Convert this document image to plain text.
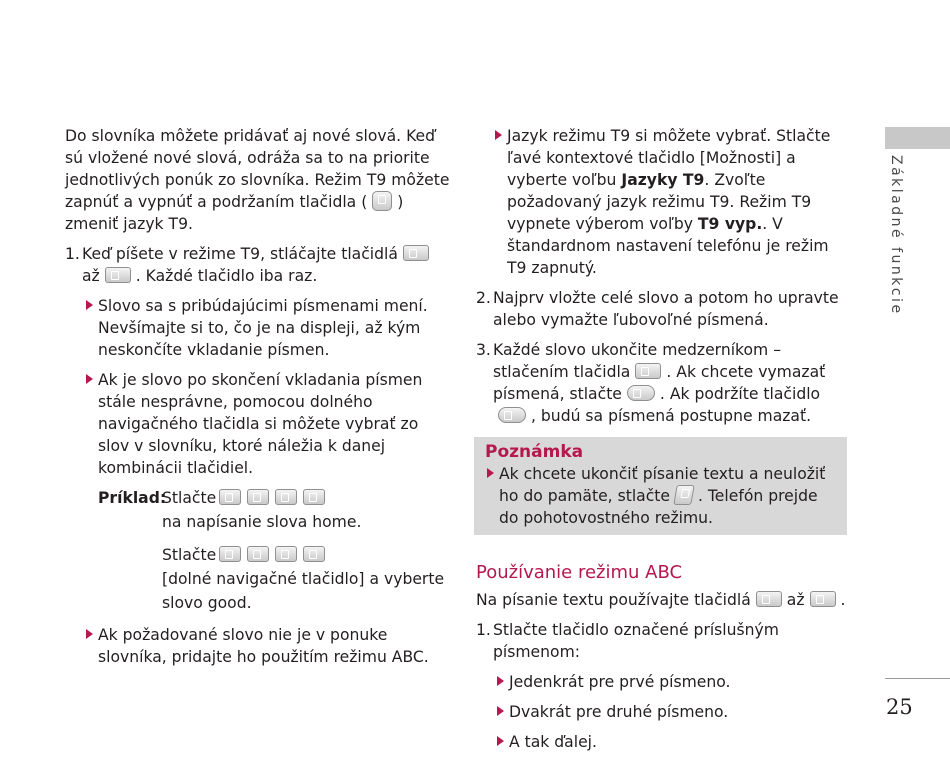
Do slovníka môžete pridávať aj nové slová. Keď sú vložené nové slová, odráža sa to na priorite jednotlivých ponúk zo slovníka. Režim T9 môžete zapnúť a vypnúť a podržaním tlačidla ( ) zmeniť jazyk T9.

1. Keď píšete v režime T9, stláčajte tlačidlá
až . Každé tlačidlo iba raz.
Slovo sa s pribúdajúcimi písmenami mení. Nevšímajte si to, čo je na displeji, až kým neskončíte vkladanie písmen.
Ak je slovo po skončení vkladania písmen stále nesprávne, pomocou dolného navigačného tlačidla si môžete vybrať zo slov v slovníku, ktoré náležia k danej kombinácii tlačidiel.
Príklad:
Stlačte
na napísanie slova home.
Stlačte
[dolné navigačné tlačidlo] a vyberte
slovo good.
Ak požadované slovo nie je v ponuke slovníka, pridajte ho použitím režimu ABC.
Jazyk režimu T9 si môžete vybrať. Stlačte ľavé kontextové tlačidlo [Možnosti] a vyberte voľbu Jazyky T9. Zvoľte požadovaný jazyk režimu T9. Režim T9 vypnete výberom voľby T9 vyp.. V štandardnom nastavení telefónu je režim T9 zapnutý.
2. Najprv vložte celé slovo a potom ho upravte alebo vymažte ľubovoľné písmená.
3. Každé slovo ukončite medzerníkom – stlačením tlačidla . Ak chcete vymazať písmená, stlačte . Ak podržíte tlačidlo, budú sa písmená postupne mazať.
Poznámka
Ak chcete ukončiť písanie textu a neuložiť ho do pamäte, stlačte . Telefón prejde do pohotovostného režimu.
Používanie režimu ABC

Na písanie textu používajte tlačidlá až .

1. Stlačte tlačidlo označené príslušným písmenom:
Jedenkrát pre prvé písmeno.
Dvakrát pre druhé písmeno.
A tak ďalej.
Základné funkcie
25
